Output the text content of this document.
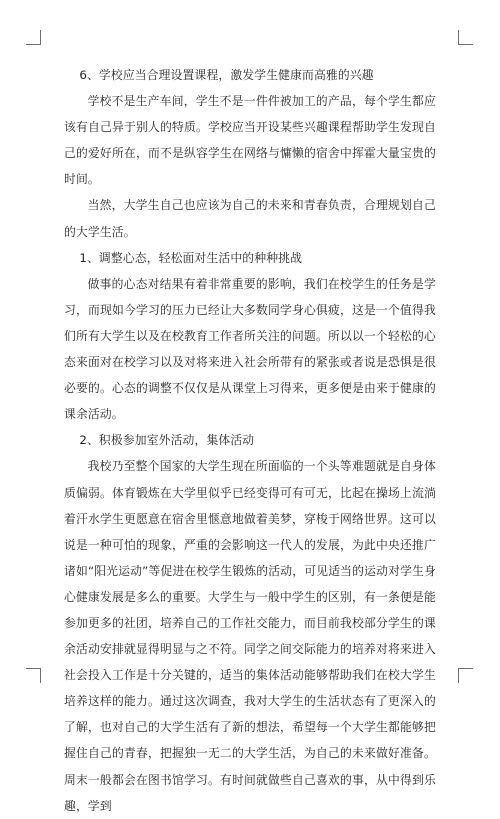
6、学校应当合理设置课程，激发学生健康而高雅的兴趣

学校不是生产车间，学生不是一件件被加工的产品，每个学生都应该有自己异于别人的特质。学校应当开设某些兴趣课程帮助学生发现自己的爱好所在，而不是纵容学生在网络与慵懒的宿舍中挥霍大量宝贵的时间。

当然，大学生自己也应该为自己的未来和青春负责，合理规划自己的大学生活。

1、调整心态，轻松面对生活中的种种挑战

做事的心态对结果有着非常重要的影响，我们在校学生的任务是学习，而现如今学习的压力已经让大多数同学身心俱疲，这是一个值得我们所有大学生以及在校教育工作者所关注的问题。所以以一个轻松的心态来面对在校学习以及对将来进入社会所带有的紧张或者说是恐惧是很必要的。心态的调整不仅仅是从课堂上习得来，更多便是由来于健康的课余活动。

2、积极参加室外活动，集体活动

我校乃至整个国家的大学生现在所面临的一个头等难题就是自身体质偏弱。体育锻炼在大学里似乎已经变得可有可无，比起在操场上流淌着汗水学生更愿意在宿舍里惬意地做着美梦，穿梭于网络世界。这可以说是一种可怕的现象，严重的会影响这一代人的发展，为此中央还推广诸如“阳光运动”等促进在校学生锻炼的活动，可见适当的运动对学生身心健康发展是多么的重要。大学生与一般中学生的区别，有一条便是能参加更多的社团，培养自己的工作社交能力，而目前我校部分学生的课余活动安排就显得明显与之不符。同学之间交际能力的培养对将来进入社会投入工作是十分关键的，适当的集体活动能够帮助我们在校大学生培养这样的能力。通过这次调查，我对大学生的生活状态有了更深入的了解，也对自己的大学生活有了新的想法，希望每一个大学生都能够把握住自己的青春，把握独一无二的大学生活，为自己的未来做好准备。周末一般都会在图书馆学习。有时间就做些自己喜欢的事，从中得到乐趣，学到
